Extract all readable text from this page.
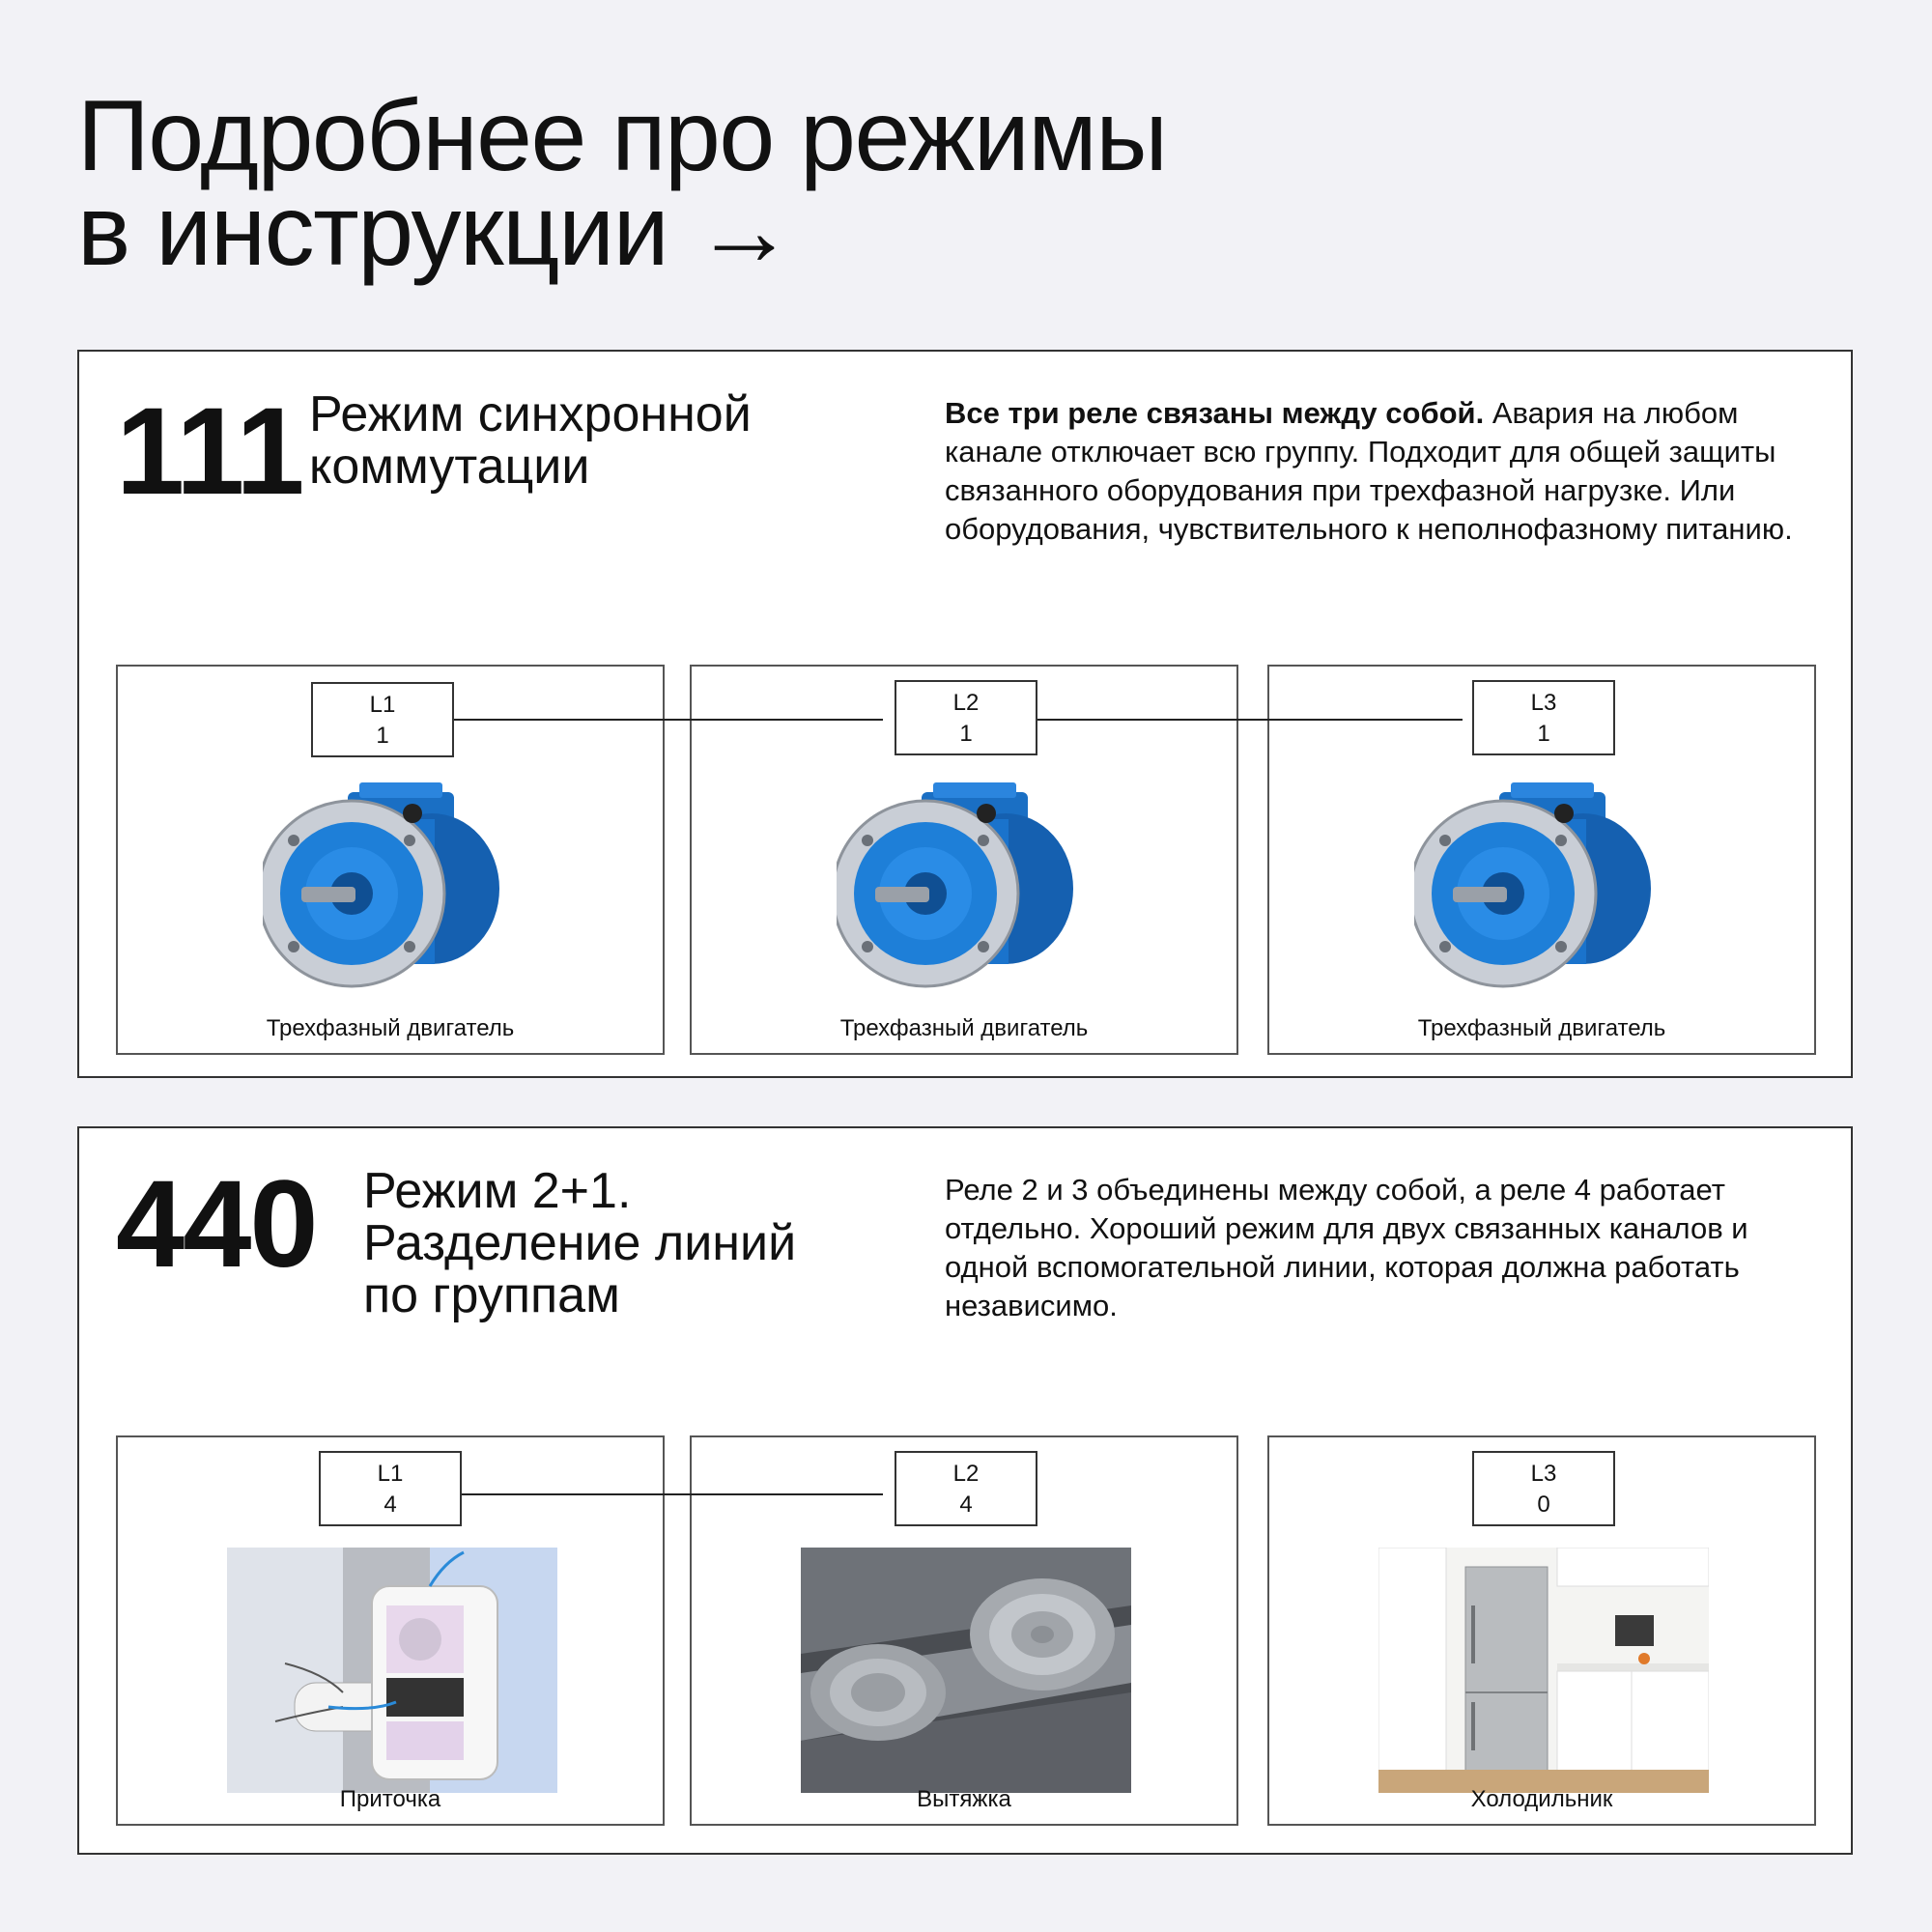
Подробнее про режимы
в инструкции →
111 Режим синхронной
коммутации

Все три реле связаны между собой. Авария на любом канале отключает всю группу. Подходит для общей защиты связанного оборудования при трехфазной нагрузке. Или оборудования, чувствительного к неполнофазному питанию.

L1
1
Трехфазный двигатель
L2
1
Трехфазный двигатель
L3
1
Трехфазный двигатель
440 Режим 2+1.
Разделение линий
по группам

Реле 2 и 3 объединены между собой, а реле 4 работает отдельно. Хороший режим для двух связанных каналов и одной вспомогательной линии, которая должна работать независимо.

L1
4
Приточка
L2
4
Вытяжка
L3
0
Холодильник
